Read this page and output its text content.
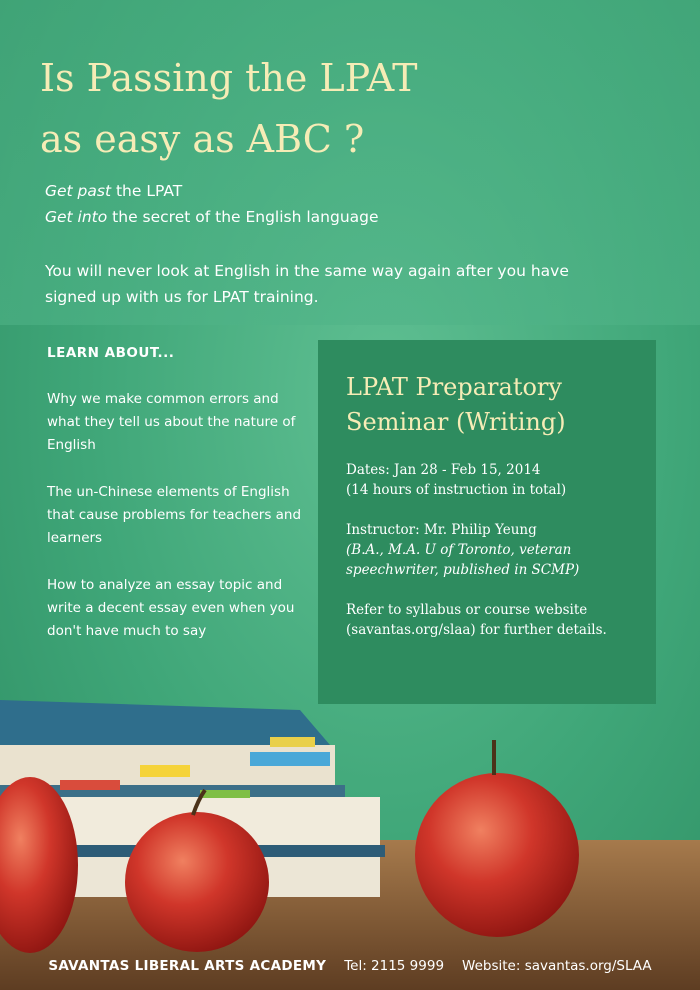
Is Passing the LPAT
as easy as ABC ?
Get past the LPAT
Get into the secret of the English language
You will never look at English in the same way again after you have signed up with us for LPAT training.
LEARN ABOUT...
Why we make common errors and what they tell us about the nature of English
The un-Chinese elements of English that cause problems for teachers and learners
How to analyze an essay topic and write a decent essay even when you don't have much to say
LPAT Preparatory
Seminar (Writing)

Dates: Jan 28 - Feb 15, 2014
(14 hours of instruction in total)

Instructor: Mr. Philip Yeung
(B.A., M.A. U of Toronto, veteran speechwriter, published in SCMP)

Refer to syllabus or course website (savantas.org/slaa) for further details.

SAVANTAS LIBERAL ARTS ACADEMY Tel: 2115 9999 Website: savantas.org/SLAA
